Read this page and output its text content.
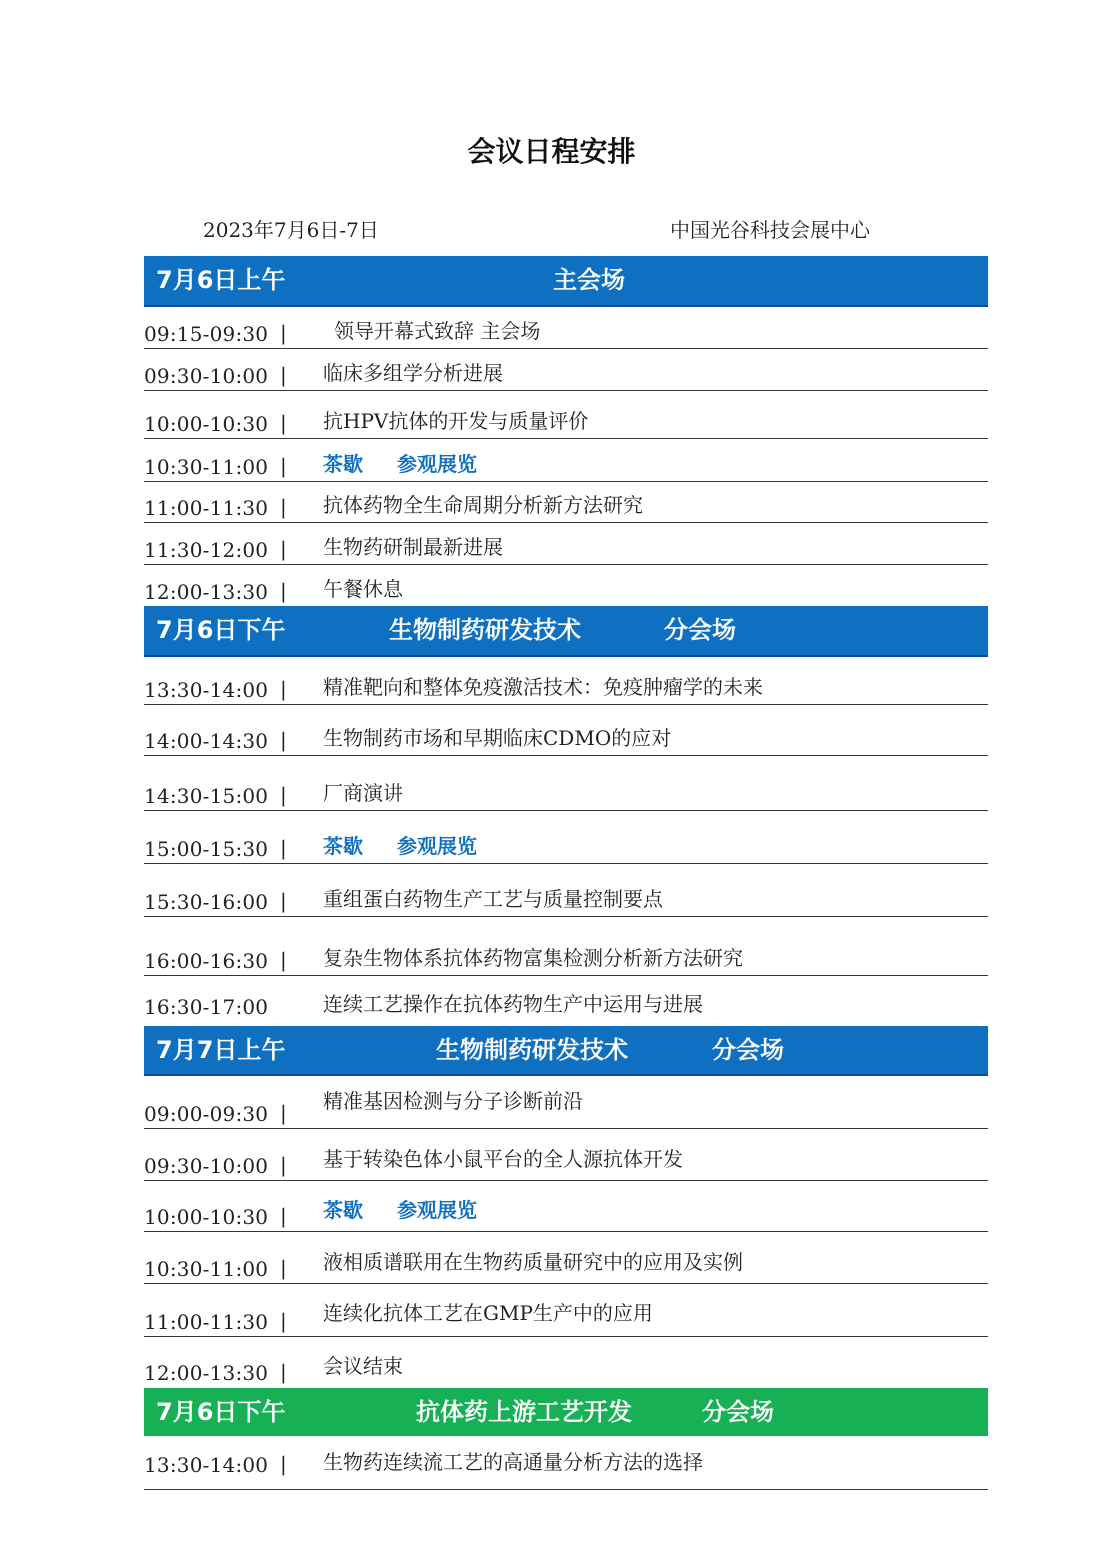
会议日程安排
2023年7月6日-7日	中国光谷科技会展中心
7月6日上午	主会场
09:15-09:30 | 领导开幕式致辞 主会场
09:30-10:00 | 临床多组学分析进展
10:00-10:30 | 抗HPV抗体的开发与质量评价
10:30-11:00 | 茶歇 参观展览
11:00-11:30 | 抗体药物全生命周期分析新方法研究
11:30-12:00 | 生物药研制最新进展
12:00-13:30 | 午餐休息
7月6日下午	生物制药研发技术	分会场
13:30-14:00 | 精准靶向和整体免疫激活技术：免疫肿瘤学的未来
14:00-14:30 | 生物制药市场和早期临床CDMO的应对
14:30-15:00 | 厂商演讲
15:00-15:30 | 茶歇 参观展览
15:30-16:00 | 重组蛋白药物生产工艺与质量控制要点
16:00-16:30 | 复杂生物体系抗体药物富集检测分析新方法研究
16:30-17:00	连续工艺操作在抗体药物生产中运用与进展
7月7日上午	生物制药研发技术	分会场
09:00-09:30 | 精准基因检测与分子诊断前沿
09:30-10:00 | 基于转染色体小鼠平台的全人源抗体开发
10:00-10:30 | 茶歇 参观展览
10:30-11:00 | 液相质谱联用在生物药质量研究中的应用及实例
11:00-11:30 | 连续化抗体工艺在GMP生产中的应用
12:00-13:30 | 会议结束
7月6日下午	抗体药上游工艺开发	分会场
13:30-14:00 | 生物药连续流工艺的高通量分析方法的选择
